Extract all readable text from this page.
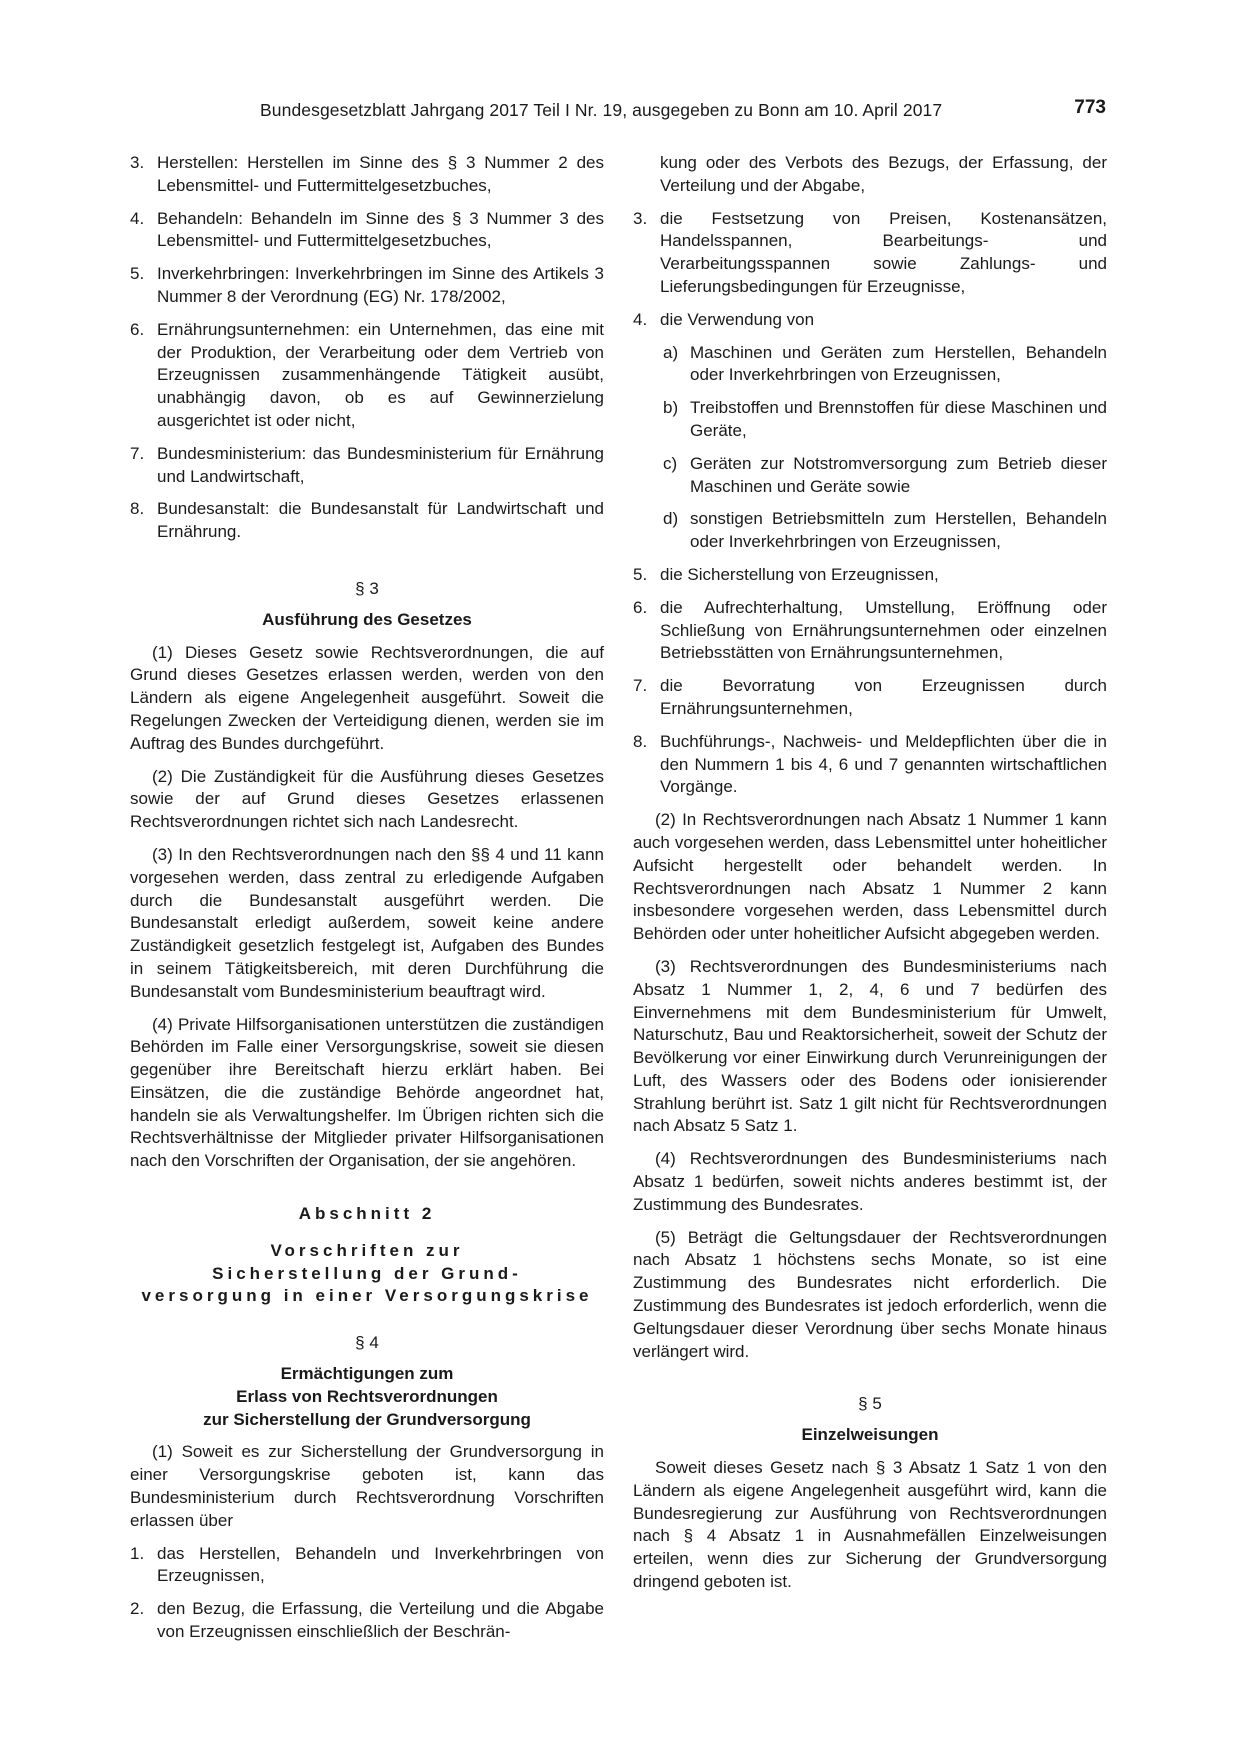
Bundesgesetzblatt Jahrgang 2017 Teil I Nr. 19, ausgegeben zu Bonn am 10. April 2017	773
3. Herstellen: Herstellen im Sinne des § 3 Nummer 2 des Lebensmittel- und Futtermittelgesetzbuches,
4. Behandeln: Behandeln im Sinne des § 3 Nummer 3 des Lebensmittel- und Futtermittelgesetzbuches,
5. Inverkehrbringen: Inverkehrbringen im Sinne des Artikels 3 Nummer 8 der Verordnung (EG) Nr. 178/2002,
6. Ernährungsunternehmen: ein Unternehmen, das eine mit der Produktion, der Verarbeitung oder dem Vertrieb von Erzeugnissen zusammenhängende Tätigkeit ausübt, unabhängig davon, ob es auf Gewinnerzielung ausgerichtet ist oder nicht,
7. Bundesministerium: das Bundesministerium für Ernährung und Landwirtschaft,
8. Bundesanstalt: die Bundesanstalt für Landwirtschaft und Ernährung.
§ 3
Ausführung des Gesetzes

(1) Dieses Gesetz sowie Rechtsverordnungen, die auf Grund dieses Gesetzes erlassen werden, werden von den Ländern als eigene Angelegenheit ausgeführt. Soweit die Regelungen Zwecken der Verteidigung dienen, werden sie im Auftrag des Bundes durchgeführt.

(2) Die Zuständigkeit für die Ausführung dieses Gesetzes sowie der auf Grund dieses Gesetzes erlassenen Rechtsverordnungen richtet sich nach Landesrecht.

(3) In den Rechtsverordnungen nach den §§ 4 und 11 kann vorgesehen werden, dass zentral zu erledigende Aufgaben durch die Bundesanstalt ausgeführt werden. Die Bundesanstalt erledigt außerdem, soweit keine andere Zuständigkeit gesetzlich festgelegt ist, Aufgaben des Bundes in seinem Tätigkeitsbereich, mit deren Durchführung die Bundesanstalt vom Bundesministerium beauftragt wird.

(4) Private Hilfsorganisationen unterstützen die zuständigen Behörden im Falle einer Versorgungskrise, soweit sie diesen gegenüber ihre Bereitschaft hierzu erklärt haben. Bei Einsätzen, die die zuständige Behörde angeordnet hat, handeln sie als Verwaltungshelfer. Im Übrigen richten sich die Rechtsverhältnisse der Mitglieder privater Hilfsorganisationen nach den Vorschriften der Organisation, der sie angehören.

Abschnitt 2
Vorschriften zur
Sicherstellung der Grund-
versorgung in einer Versorgungskrise
§ 4
Ermächtigungen zum
Erlass von Rechtsverordnungen
zur Sicherstellung der Grundversorgung

(1) Soweit es zur Sicherstellung der Grundversorgung in einer Versorgungskrise geboten ist, kann das Bundesministerium durch Rechtsverordnung Vorschriften erlassen über

1. das Herstellen, Behandeln und Inverkehrbringen von Erzeugnissen,
2. den Bezug, die Erfassung, die Verteilung und die Abgabe von Erzeugnissen einschließlich der Beschrän-
kung oder des Verbots des Bezugs, der Erfassung, der Verteilung und der Abgabe,
3. die Festsetzung von Preisen, Kostenansätzen, Handelsspannen, Bearbeitungs- und Verarbeitungsspannen sowie Zahlungs- und Lieferungsbedingungen für Erzeugnisse,
4. die Verwendung von
a) Maschinen und Geräten zum Herstellen, Behandeln oder Inverkehrbringen von Erzeugnissen,
b) Treibstoffen und Brennstoffen für diese Maschinen und Geräte,
c) Geräten zur Notstromversorgung zum Betrieb dieser Maschinen und Geräte sowie
d) sonstigen Betriebsmitteln zum Herstellen, Behandeln oder Inverkehrbringen von Erzeugnissen,
5. die Sicherstellung von Erzeugnissen,
6. die Aufrechterhaltung, Umstellung, Eröffnung oder Schließung von Ernährungsunternehmen oder einzelnen Betriebsstätten von Ernährungsunternehmen,
7. die Bevorratung von Erzeugnissen durch Ernährungsunternehmen,
8. Buchführungs-, Nachweis- und Meldepflichten über die in den Nummern 1 bis 4, 6 und 7 genannten wirtschaftlichen Vorgänge.

(2) In Rechtsverordnungen nach Absatz 1 Nummer 1 kann auch vorgesehen werden, dass Lebensmittel unter hoheitlicher Aufsicht hergestellt oder behandelt werden. In Rechtsverordnungen nach Absatz 1 Nummer 2 kann insbesondere vorgesehen werden, dass Lebensmittel durch Behörden oder unter hoheitlicher Aufsicht abgegeben werden.

(3) Rechtsverordnungen des Bundesministeriums nach Absatz 1 Nummer 1, 2, 4, 6 und 7 bedürfen des Einvernehmens mit dem Bundesministerium für Umwelt, Naturschutz, Bau und Reaktorsicherheit, soweit der Schutz der Bevölkerung vor einer Einwirkung durch Verunreinigungen der Luft, des Wassers oder des Bodens oder ionisierender Strahlung berührt ist. Satz 1 gilt nicht für Rechtsverordnungen nach Absatz 5 Satz 1.

(4) Rechtsverordnungen des Bundesministeriums nach Absatz 1 bedürfen, soweit nichts anderes bestimmt ist, der Zustimmung des Bundesrates.

(5) Beträgt die Geltungsdauer der Rechtsverordnungen nach Absatz 1 höchstens sechs Monate, so ist eine Zustimmung des Bundesrates nicht erforderlich. Die Zustimmung des Bundesrates ist jedoch erforderlich, wenn die Geltungsdauer dieser Verordnung über sechs Monate hinaus verlängert wird.

§ 5
Einzelweisungen

Soweit dieses Gesetz nach § 3 Absatz 1 Satz 1 von den Ländern als eigene Angelegenheit ausgeführt wird, kann die Bundesregierung zur Ausführung von Rechtsverordnungen nach § 4 Absatz 1 in Ausnahmefällen Einzelweisungen erteilen, wenn dies zur Sicherung der Grundversorgung dringend geboten ist.
